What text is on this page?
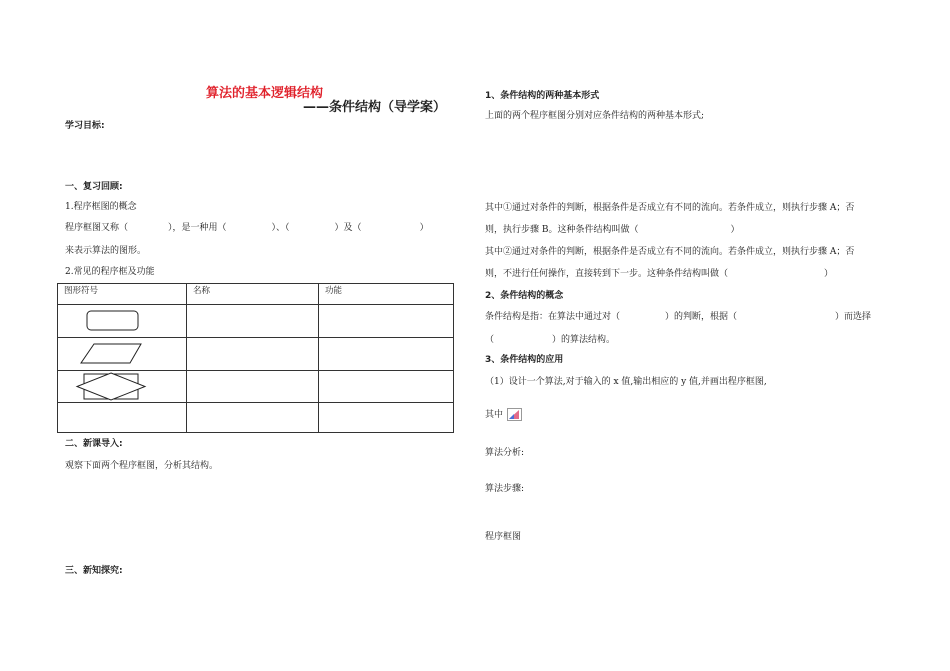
算法的基本逻辑结构
——条件结构（导学案）
学习目标:
一、复习回顾:
1.程序框图的概念
程序框图又称（	），是一种用（	）、（	）及（	）
来表示算法的图形。
2.常见的程序框及功能
图形符号	名称	功能

二、新课导入:
观察下面两个程序框图，分析其结构。
三、新知探究:
1、条件结构的两种基本形式
上面的两个程序框图分别对应条件结构的两种基本形式;
其中①通过对条件的判断，根据条件是否成立有不同的流向。若条件成立，则执行步骤 A；否
则，执行步骤 B。这种条件结构叫做（	）
其中②通过对条件的判断，根据条件是否成立有不同的流向。若条件成立，则执行步骤 A；否
则，不进行任何操作，直接转到下一步。这种条件结构叫做（	）
2、条件结构的概念
条件结构是指：在算法中通过对（	）的判断，根据（	）而选择
（	）的算法结构。
3、条件结构的应用
（1）设计一个算法,对于输入的 x 值,输出相应的 y 值,并画出程序框图,
其中
算法分析:
算法步骤:
程序框图
